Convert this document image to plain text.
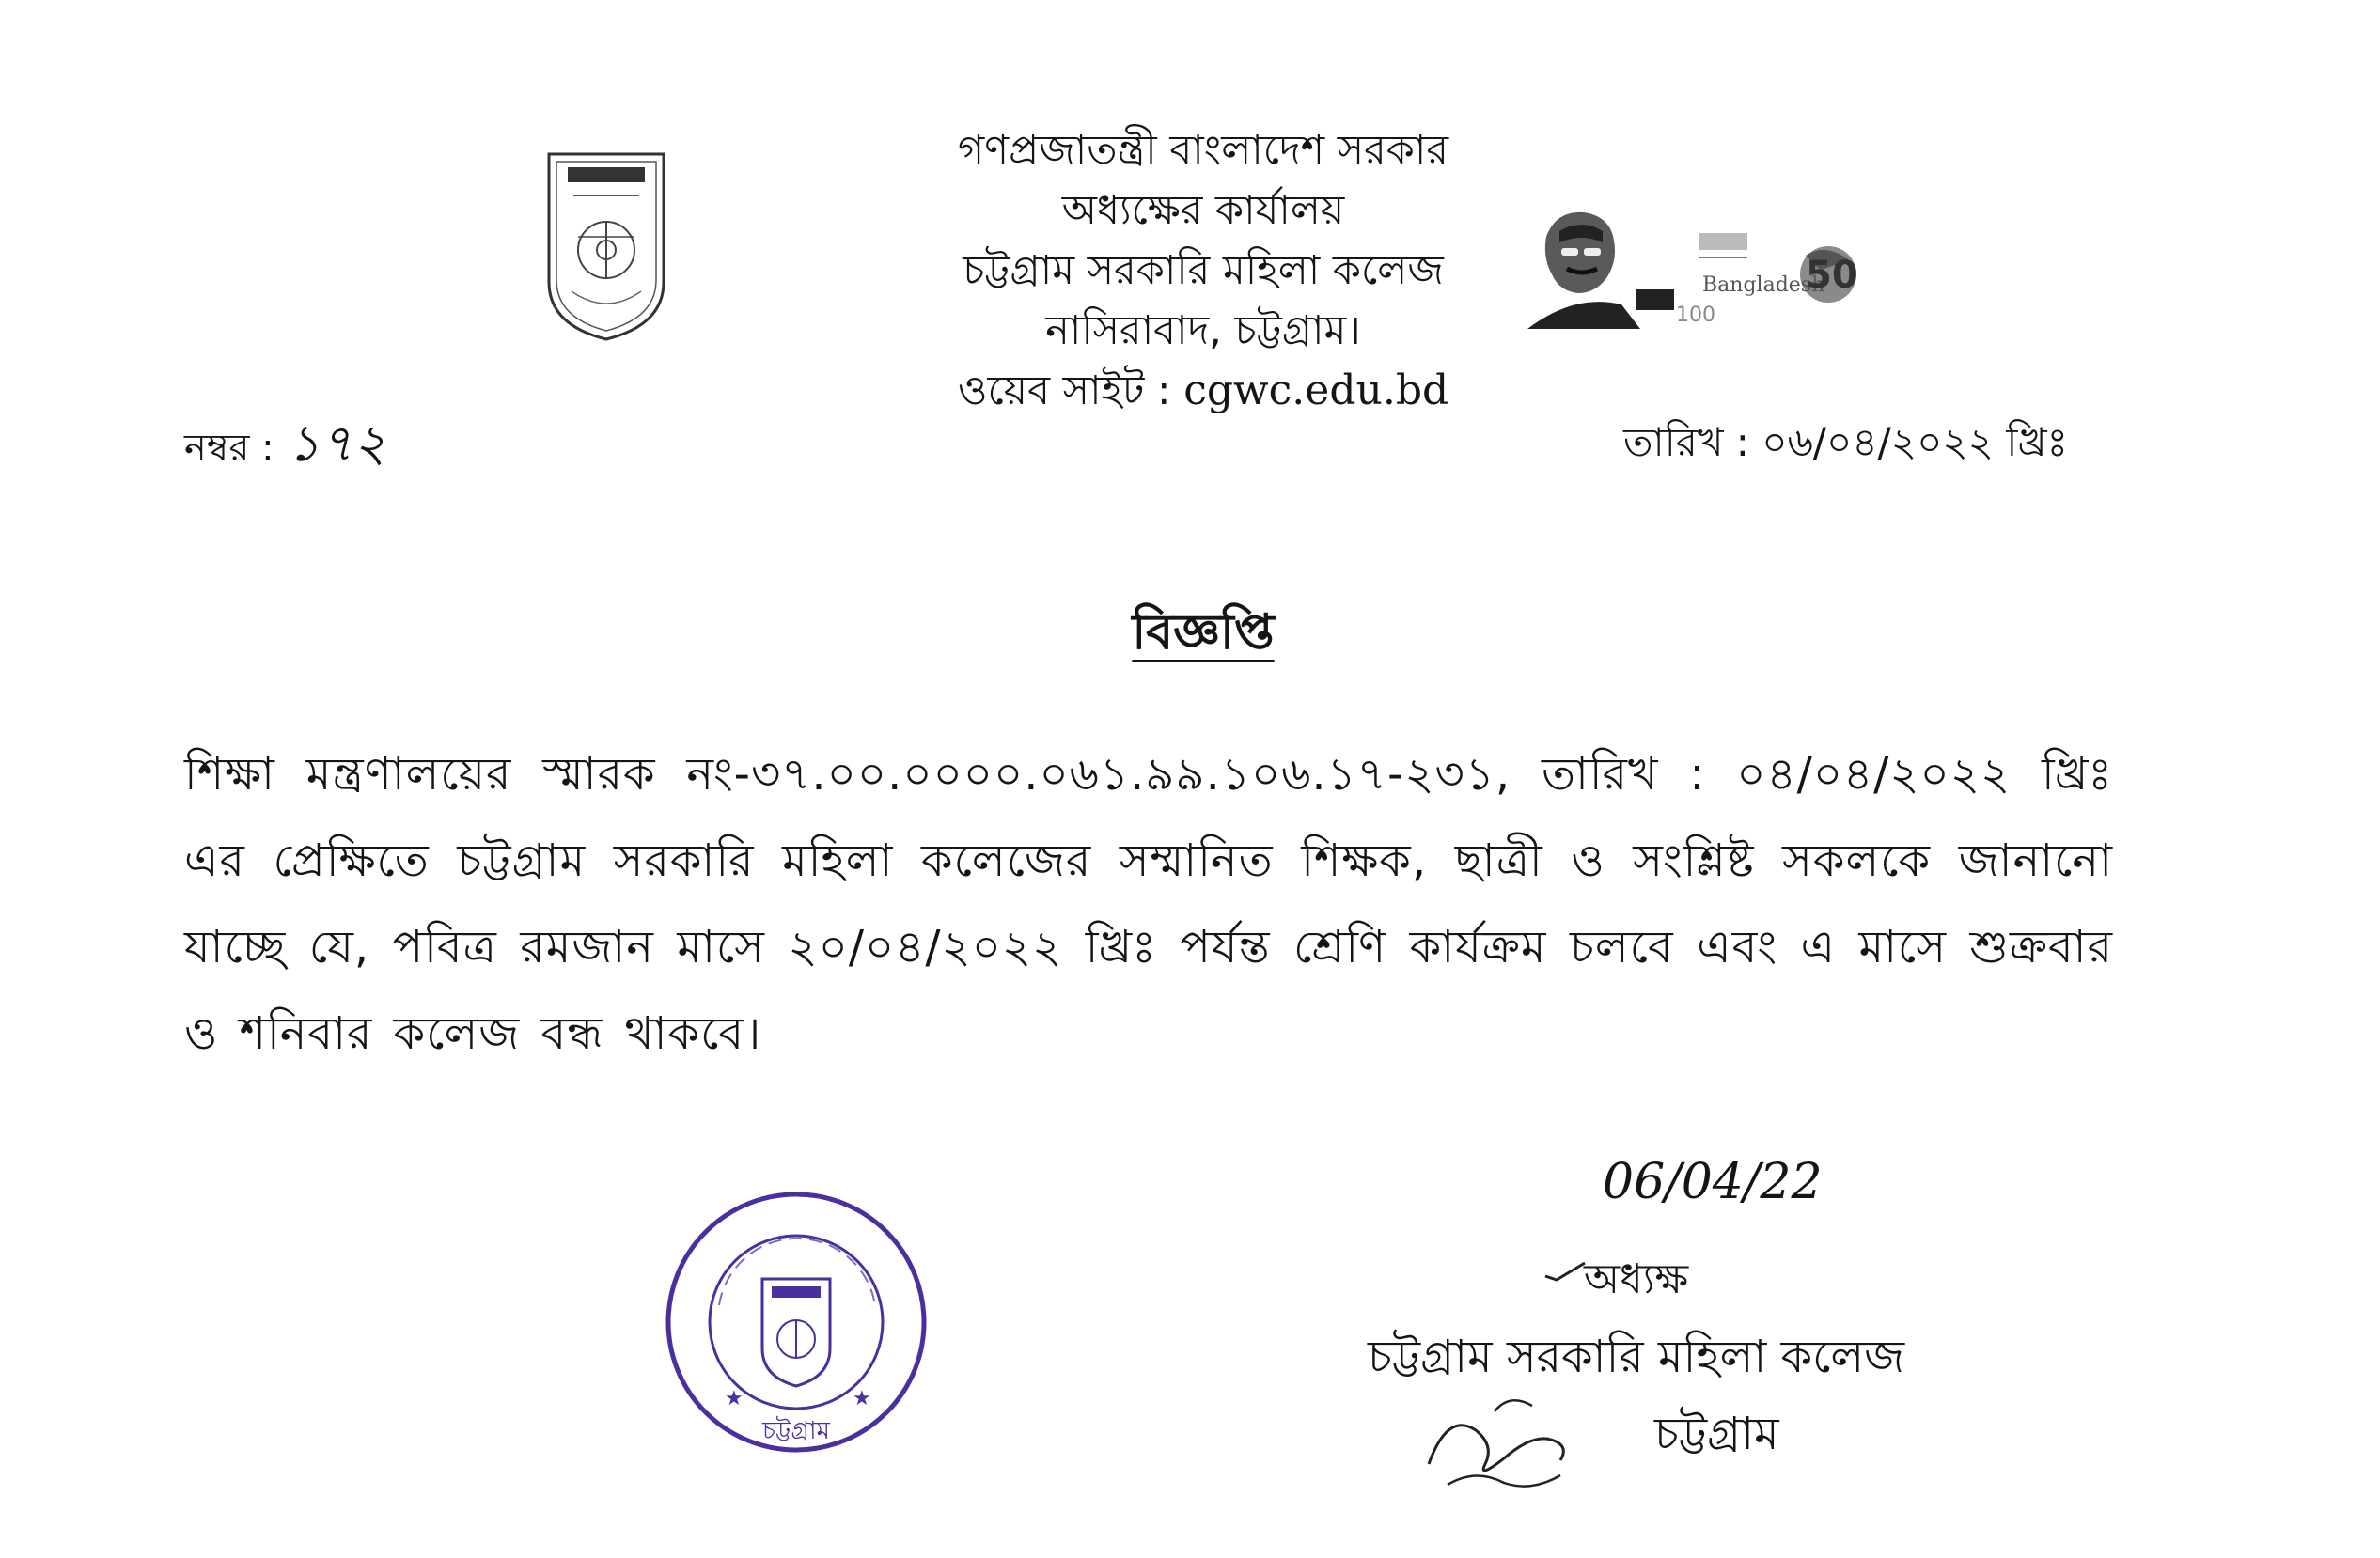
গণপ্রজাতন্ত্রী বাংলাদেশ সরকার
অধ্যক্ষের কার্যালয়
চট্টগ্রাম সরকারি মহিলা কলেজ
নাসিরাবাদ, চট্টগ্রাম।
ওয়েব সাইট : cgwc.edu.bd
Bangladesh
50
100
নম্বর : ১৭২	তারিখ : ০৬/০৪/২০২২ খ্রিঃ
বিজ্ঞপ্তি
শিক্ষা মন্ত্রণালয়ের স্মারক নং-৩৭.০০.০০০০.০৬১.৯৯.১০৬.১৭-২৩১, তারিখ : ০৪/০৪/২০২২ খ্রিঃ এর প্রেক্ষিতে চট্টগ্রাম সরকারি মহিলা কলেজের সম্মানিত শিক্ষক, ছাত্রী ও সংশ্লিষ্ট সকলকে জানানো যাচ্ছে যে, পবিত্র রমজান মাসে ২০/০৪/২০২২ খ্রিঃ পর্যন্ত শ্রেণি কার্যক্রম চলবে এবং এ মাসে শুক্রবার ও শনিবার কলেজ বন্ধ থাকবে।
★	★
চট্টগ্রাম
06/04/22
অধ্যক্ষ
চট্টগ্রাম সরকারি মহিলা কলেজ
চট্টগ্রাম
